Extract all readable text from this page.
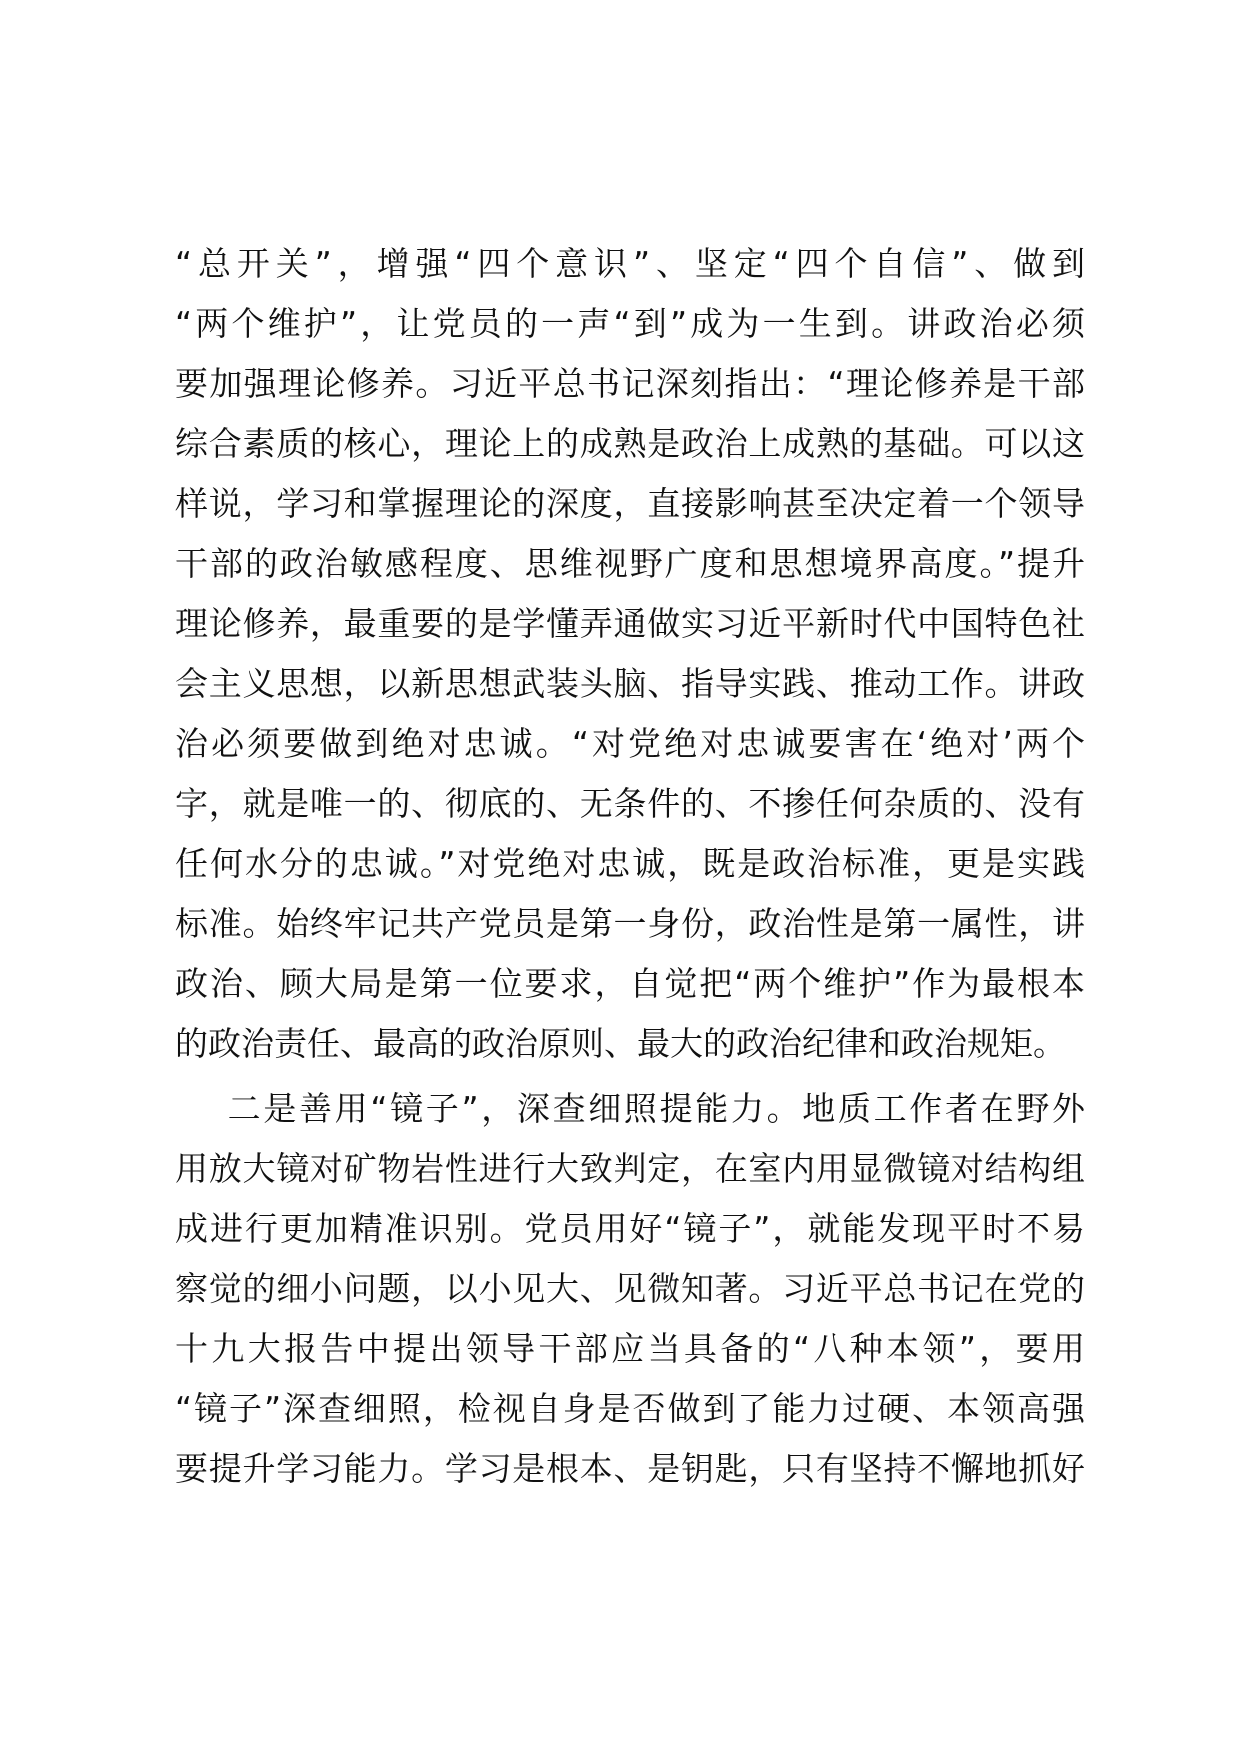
“总开关”，增强“四个意识”、坚定“四个自信”、做到
“两个维护”，让党员的一声“到”成为一生到。讲政治必须
要加强理论修养。习近平总书记深刻指出：“理论修养是干部
综合素质的核心，理论上的成熟是政治上成熟的基础。可以这
样说，学习和掌握理论的深度，直接影响甚至决定着一个领导
干部的政治敏感程度、思维视野广度和思想境界高度。”提升
理论修养，最重要的是学懂弄通做实习近平新时代中国特色社
会主义思想，以新思想武装头脑、指导实践、推动工作。讲政
治必须要做到绝对忠诚。“对党绝对忠诚要害在‘绝对’两个
字，就是唯一的、彻底的、无条件的、不掺任何杂质的、没有
任何水分的忠诚。”对党绝对忠诚，既是政治标准，更是实践
标准。始终牢记共产党员是第一身份，政治性是第一属性，讲
政治、顾大局是第一位要求，自觉把“两个维护”作为最根本
的政治责任、最高的政治原则、最大的政治纪律和政治规矩。
二是善用“镜子”，深查细照提能力。地质工作者在野外
用放大镜对矿物岩性进行大致判定，在室内用显微镜对结构组
成进行更加精准识别。党员用好“镜子”，就能发现平时不易
察觉的细小问题，以小见大、见微知著。习近平总书记在党的
十九大报告中提出领导干部应当具备的“八种本领”，要用
“镜子”深查细照，检视自身是否做到了能力过硬、本领高强
要提升学习能力。学习是根本、是钥匙，只有坚持不懈地抓好
